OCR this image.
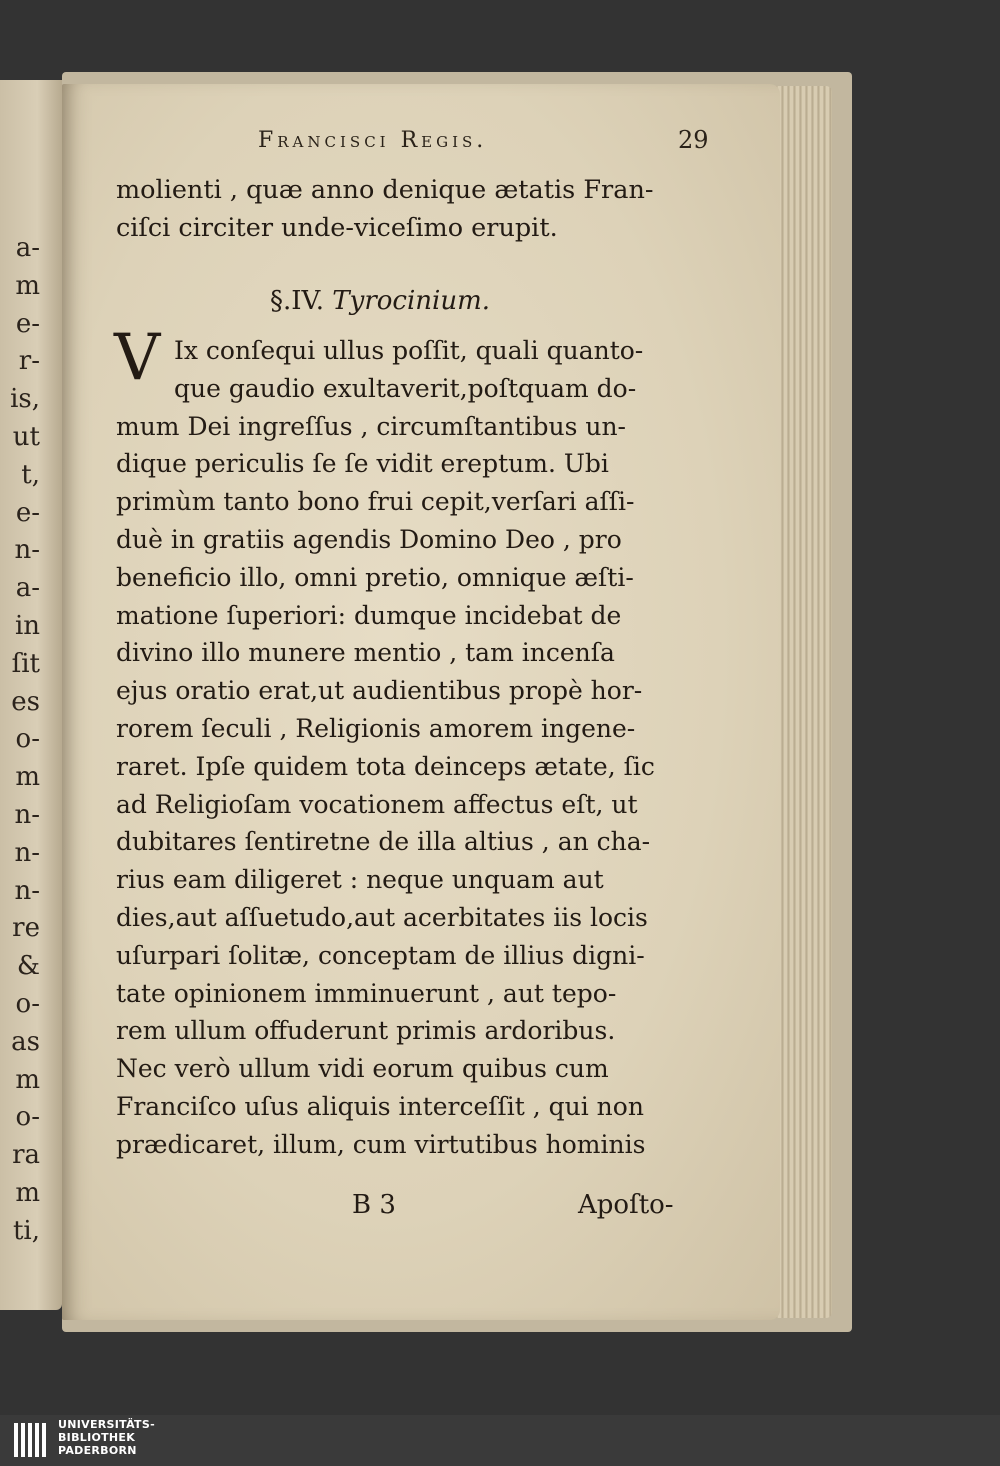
a-
m
e-
r-
is,
ut
t,
e-
n-
a-
in
ſit
es
o-
m
n-
n-
n-
re
&
o-
as
m
o-
ra
m
ti,
Francisci Regis.	29
molienti , quæ anno denique ætatis Fran-
ciſci circiter unde-viceſimo erupit.
§.IV. Tyrocinium.
V Ix conſequi ullus poſſit, quali quanto-
que gaudio exultaverit,poſtquam do-
mum Dei ingreſſus , circumſtantibus un-
dique periculis ſe ſe vidit ereptum. Ubi
primùm tanto bono frui cepit,verſari aſſi-
duè in gratiis agendis Domino Deo , pro
beneficio illo, omni pretio, omnique æſti-
matione ſuperiori: dumque incidebat de
divino illo munere mentio , tam incenſa
ejus oratio erat,ut audientibus propè hor-
rorem ſeculi , Religionis amorem ingene-
raret. Ipſe quidem tota deinceps ætate, ſic
ad Religioſam vocationem affectus eſt, ut
dubitares ſentiretne de illa altius , an cha-
rius eam diligeret : neque unquam aut
dies,aut aſſuetudo,aut acerbitates iis locis
uſurpari ſolitæ, conceptam de illius digni-
tate opinionem imminuerunt , aut tepo-
rem ullum offuderunt primis ardoribus.
Nec verò ullum vidi eorum quibus cum
Franciſco uſus aliquis interceſſit , qui non
prædicaret, illum, cum virtutibus hominis
B 3	Apoſto-
UNIVERSITÄTS-
BIBLIOTHEK
PADERBORN
